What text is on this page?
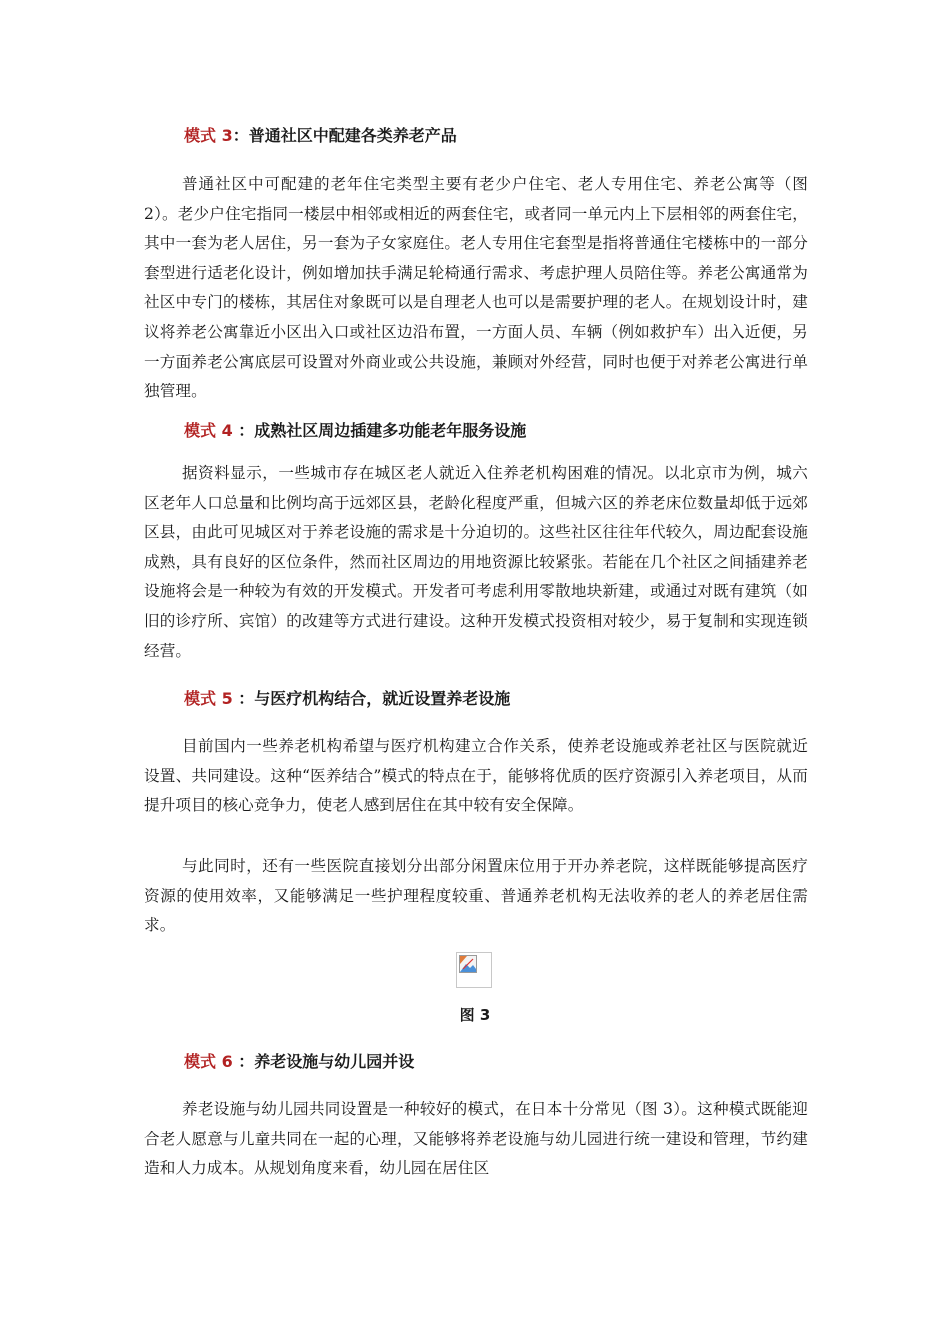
模式 3：普通社区中配建各类养老产品

普通社区中可配建的老年住宅类型主要有老少户住宅、老人专用住宅、养老公寓等（图 2）。老少户住宅指同一楼层中相邻或相近的两套住宅，或者同一单元内上下层相邻的两套住宅，其中一套为老人居住，另一套为子女家庭住。老人专用住宅套型是指将普通住宅楼栋中的一部分套型进行适老化设计，例如增加扶手满足轮椅通行需求、考虑护理人员陪住等。养老公寓通常为社区中专门的楼栋，其居住对象既可以是自理老人也可以是需要护理的老人。在规划设计时，建议将养老公寓靠近小区出入口或社区边沿布置，一方面人员、车辆（例如救护车）出入近便，另一方面养老公寓底层可设置对外商业或公共设施，兼顾对外经营，同时也便于对养老公寓进行单独管理。

模式 4 ：成熟社区周边插建多功能老年服务设施

据资料显示，一些城市存在城区老人就近入住养老机构困难的情况。以北京市为例，城六区老年人口总量和比例均高于远郊区县，老龄化程度严重，但城六区的养老床位数量却低于远郊区县，由此可见城区对于养老设施的需求是十分迫切的。这些社区往往年代较久，周边配套设施成熟，具有良好的区位条件，然而社区周边的用地资源比较紧张。若能在几个社区之间插建养老设施将会是一种较为有效的开发模式。开发者可考虑利用零散地块新建，或通过对既有建筑（如旧的诊疗所、宾馆）的改建等方式进行建设。这种开发模式投资相对较少，易于复制和实现连锁经营。

模式 5 ：与医疗机构结合，就近设置养老设施

目前国内一些养老机构希望与医疗机构建立合作关系，使养老设施或养老社区与医院就近设置、共同建设。这种“医养结合”模式的特点在于，能够将优质的医疗资源引入养老项目，从而提升项目的核心竞争力，使老人感到居住在其中较有安全保障。

与此同时，还有一些医院直接划分出部分闲置床位用于开办养老院，这样既能够提高医疗资源的使用效率，又能够满足一些护理程度较重、普通养老机构无法收养的老人的养老居住需求。

模式 6 ：养老设施与幼儿园并设

养老设施与幼儿园共同设置是一种较好的模式，在日本十分常见（图 3）。这种模式既能迎合老人愿意与儿童共同在一起的心理，又能够将养老设施与幼儿园进行统一建设和管理，节约建造和人力成本。从规划角度来看，幼儿园在居住区

图 3
